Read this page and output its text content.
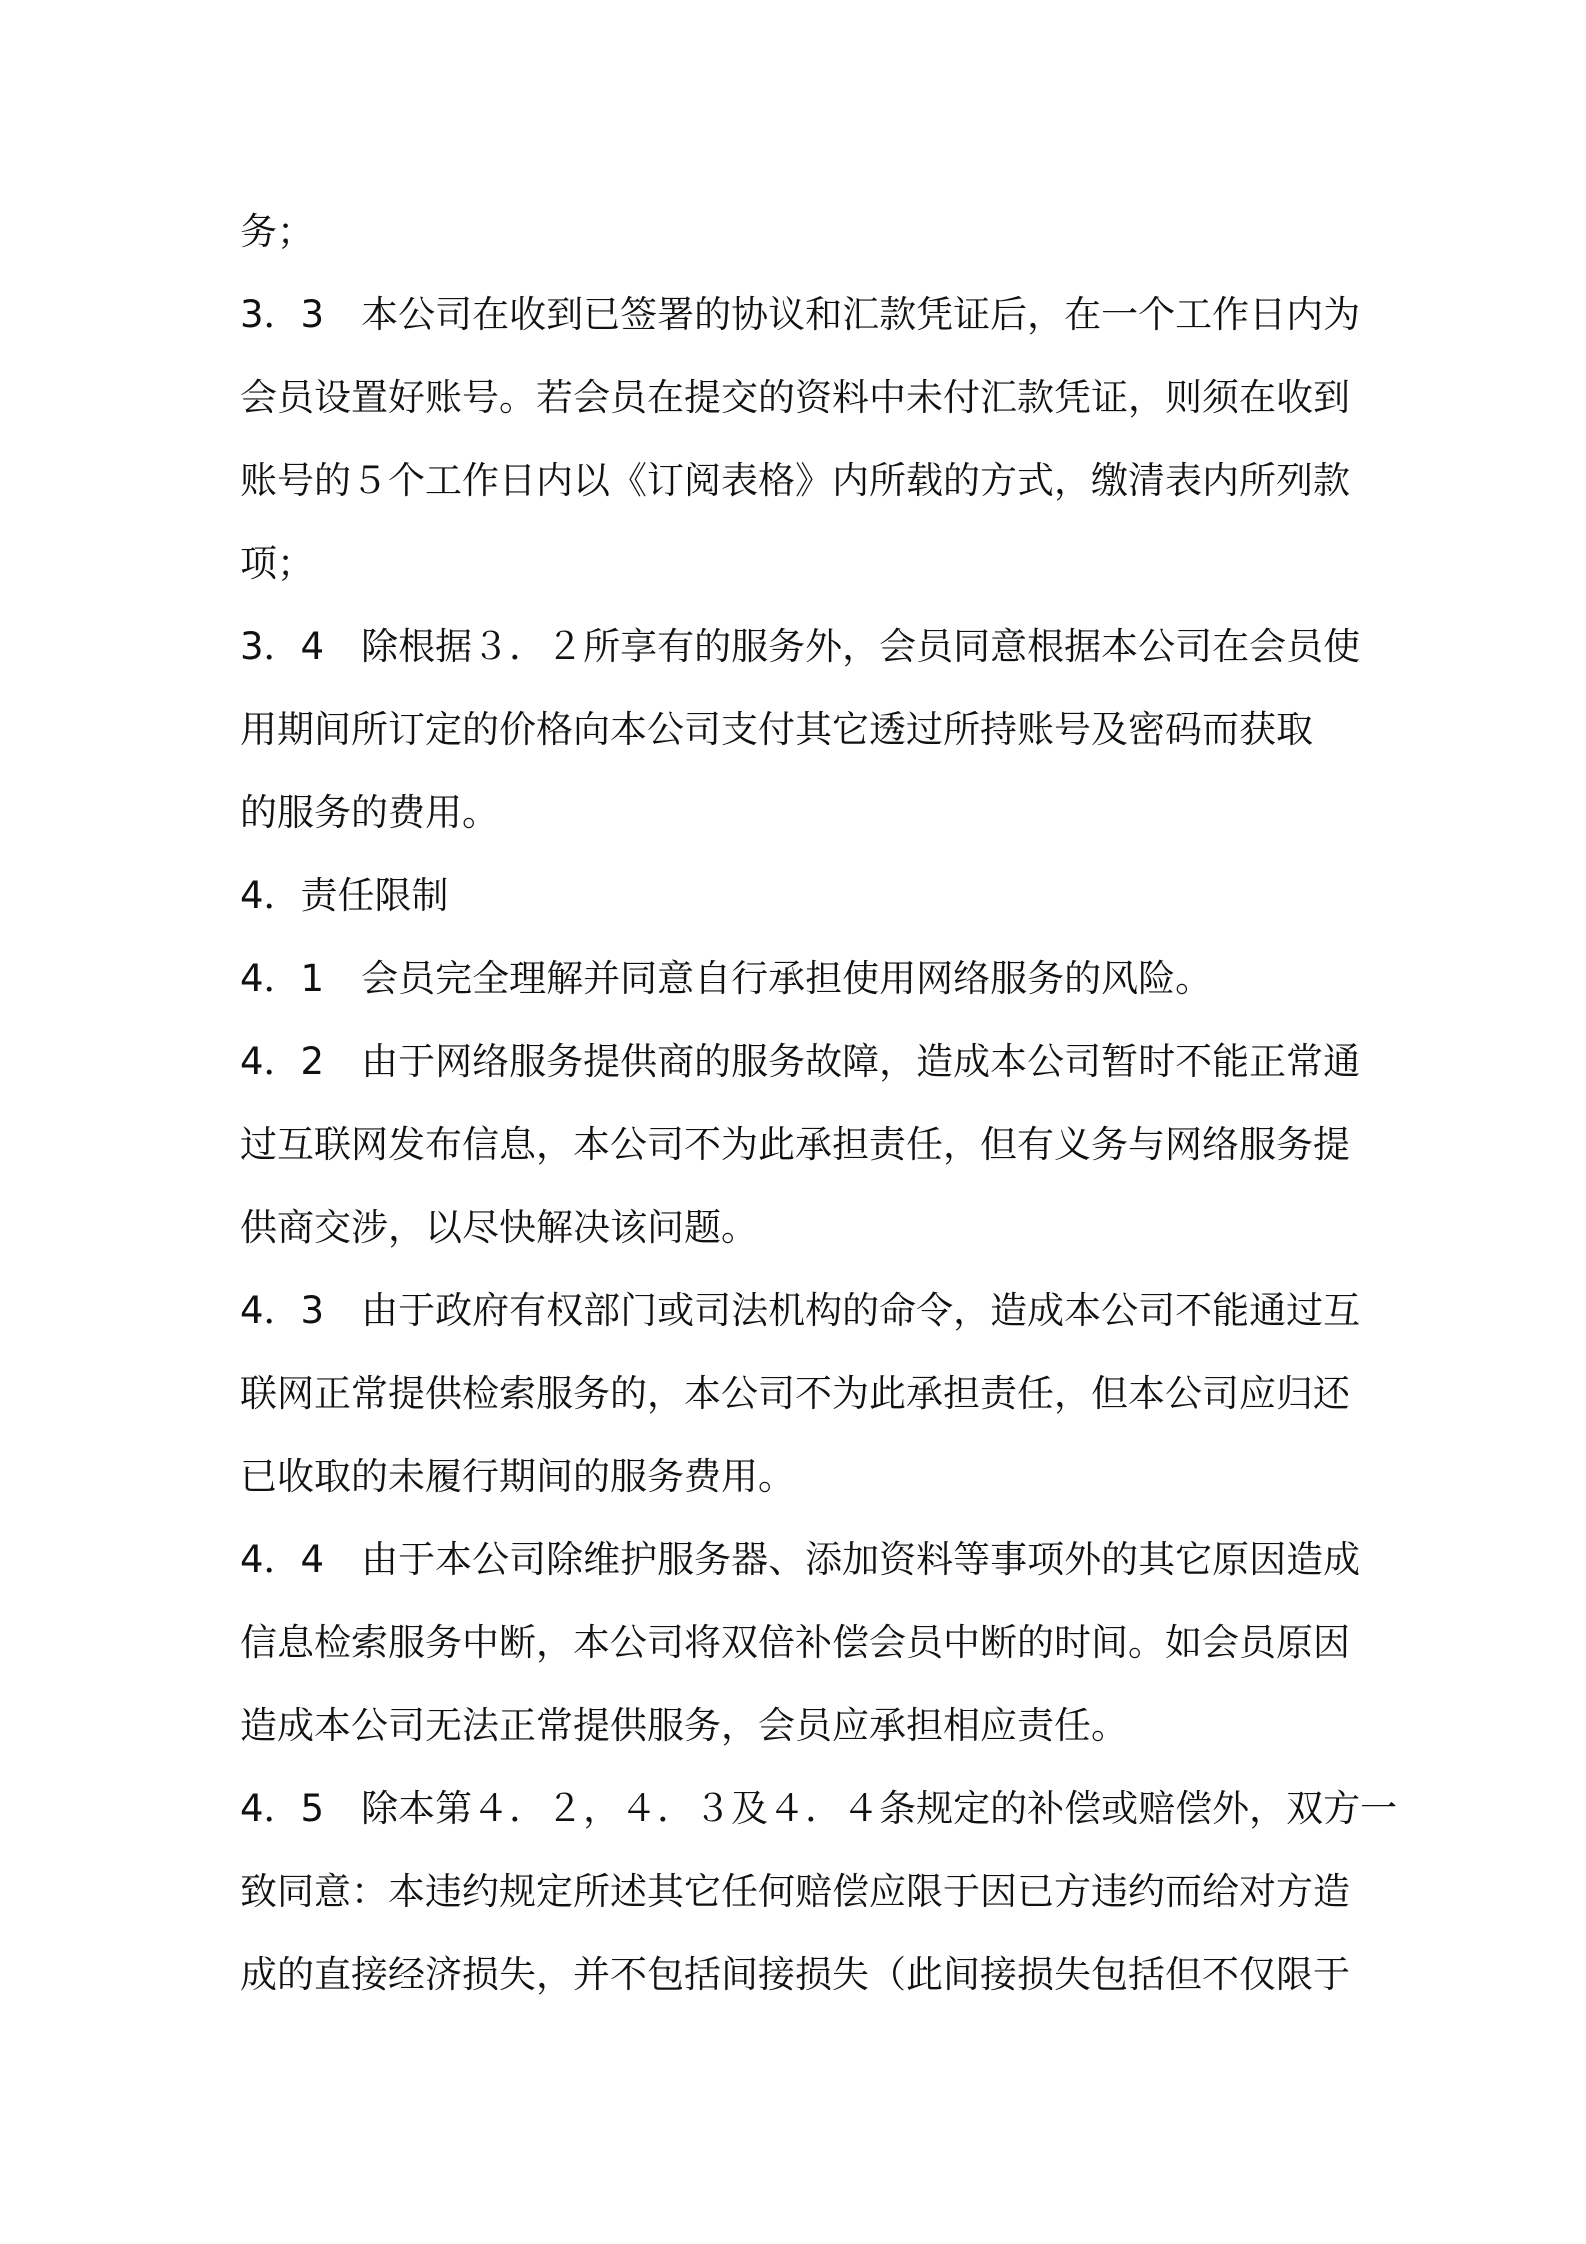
务；
3．3　本公司在收到已签署的协议和汇款凭证后，在一个工作日内为
会员设置好账号。若会员在提交的资料中未付汇款凭证，则须在收到
账号的５个工作日内以《订阅表格》内所载的方式，缴清表内所列款
项；
3．4　除根据３．２所享有的服务外，会员同意根据本公司在会员使
用期间所订定的价格向本公司支付其它透过所持账号及密码而获取
的服务的费用。
4．责任限制
4．1　会员完全理解并同意自行承担使用网络服务的风险。
4．2　由于网络服务提供商的服务故障，造成本公司暂时不能正常通
过互联网发布信息，本公司不为此承担责任，但有义务与网络服务提
供商交涉，以尽快解决该问题。
4．3　由于政府有权部门或司法机构的命令，造成本公司不能通过互
联网正常提供检索服务的，本公司不为此承担责任，但本公司应归还
已收取的未履行期间的服务费用。
4．4　由于本公司除维护服务器、添加资料等事项外的其它原因造成
信息检索服务中断，本公司将双倍补偿会员中断的时间。如会员原因
造成本公司无法正常提供服务，会员应承担相应责任。
4．5　除本第４．２，４．３及４．４条规定的补偿或赔偿外，双方一
致同意：本违约规定所述其它任何赔偿应限于因已方违约而给对方造
成的直接经济损失，并不包括间接损失（此间接损失包括但不仅限于
